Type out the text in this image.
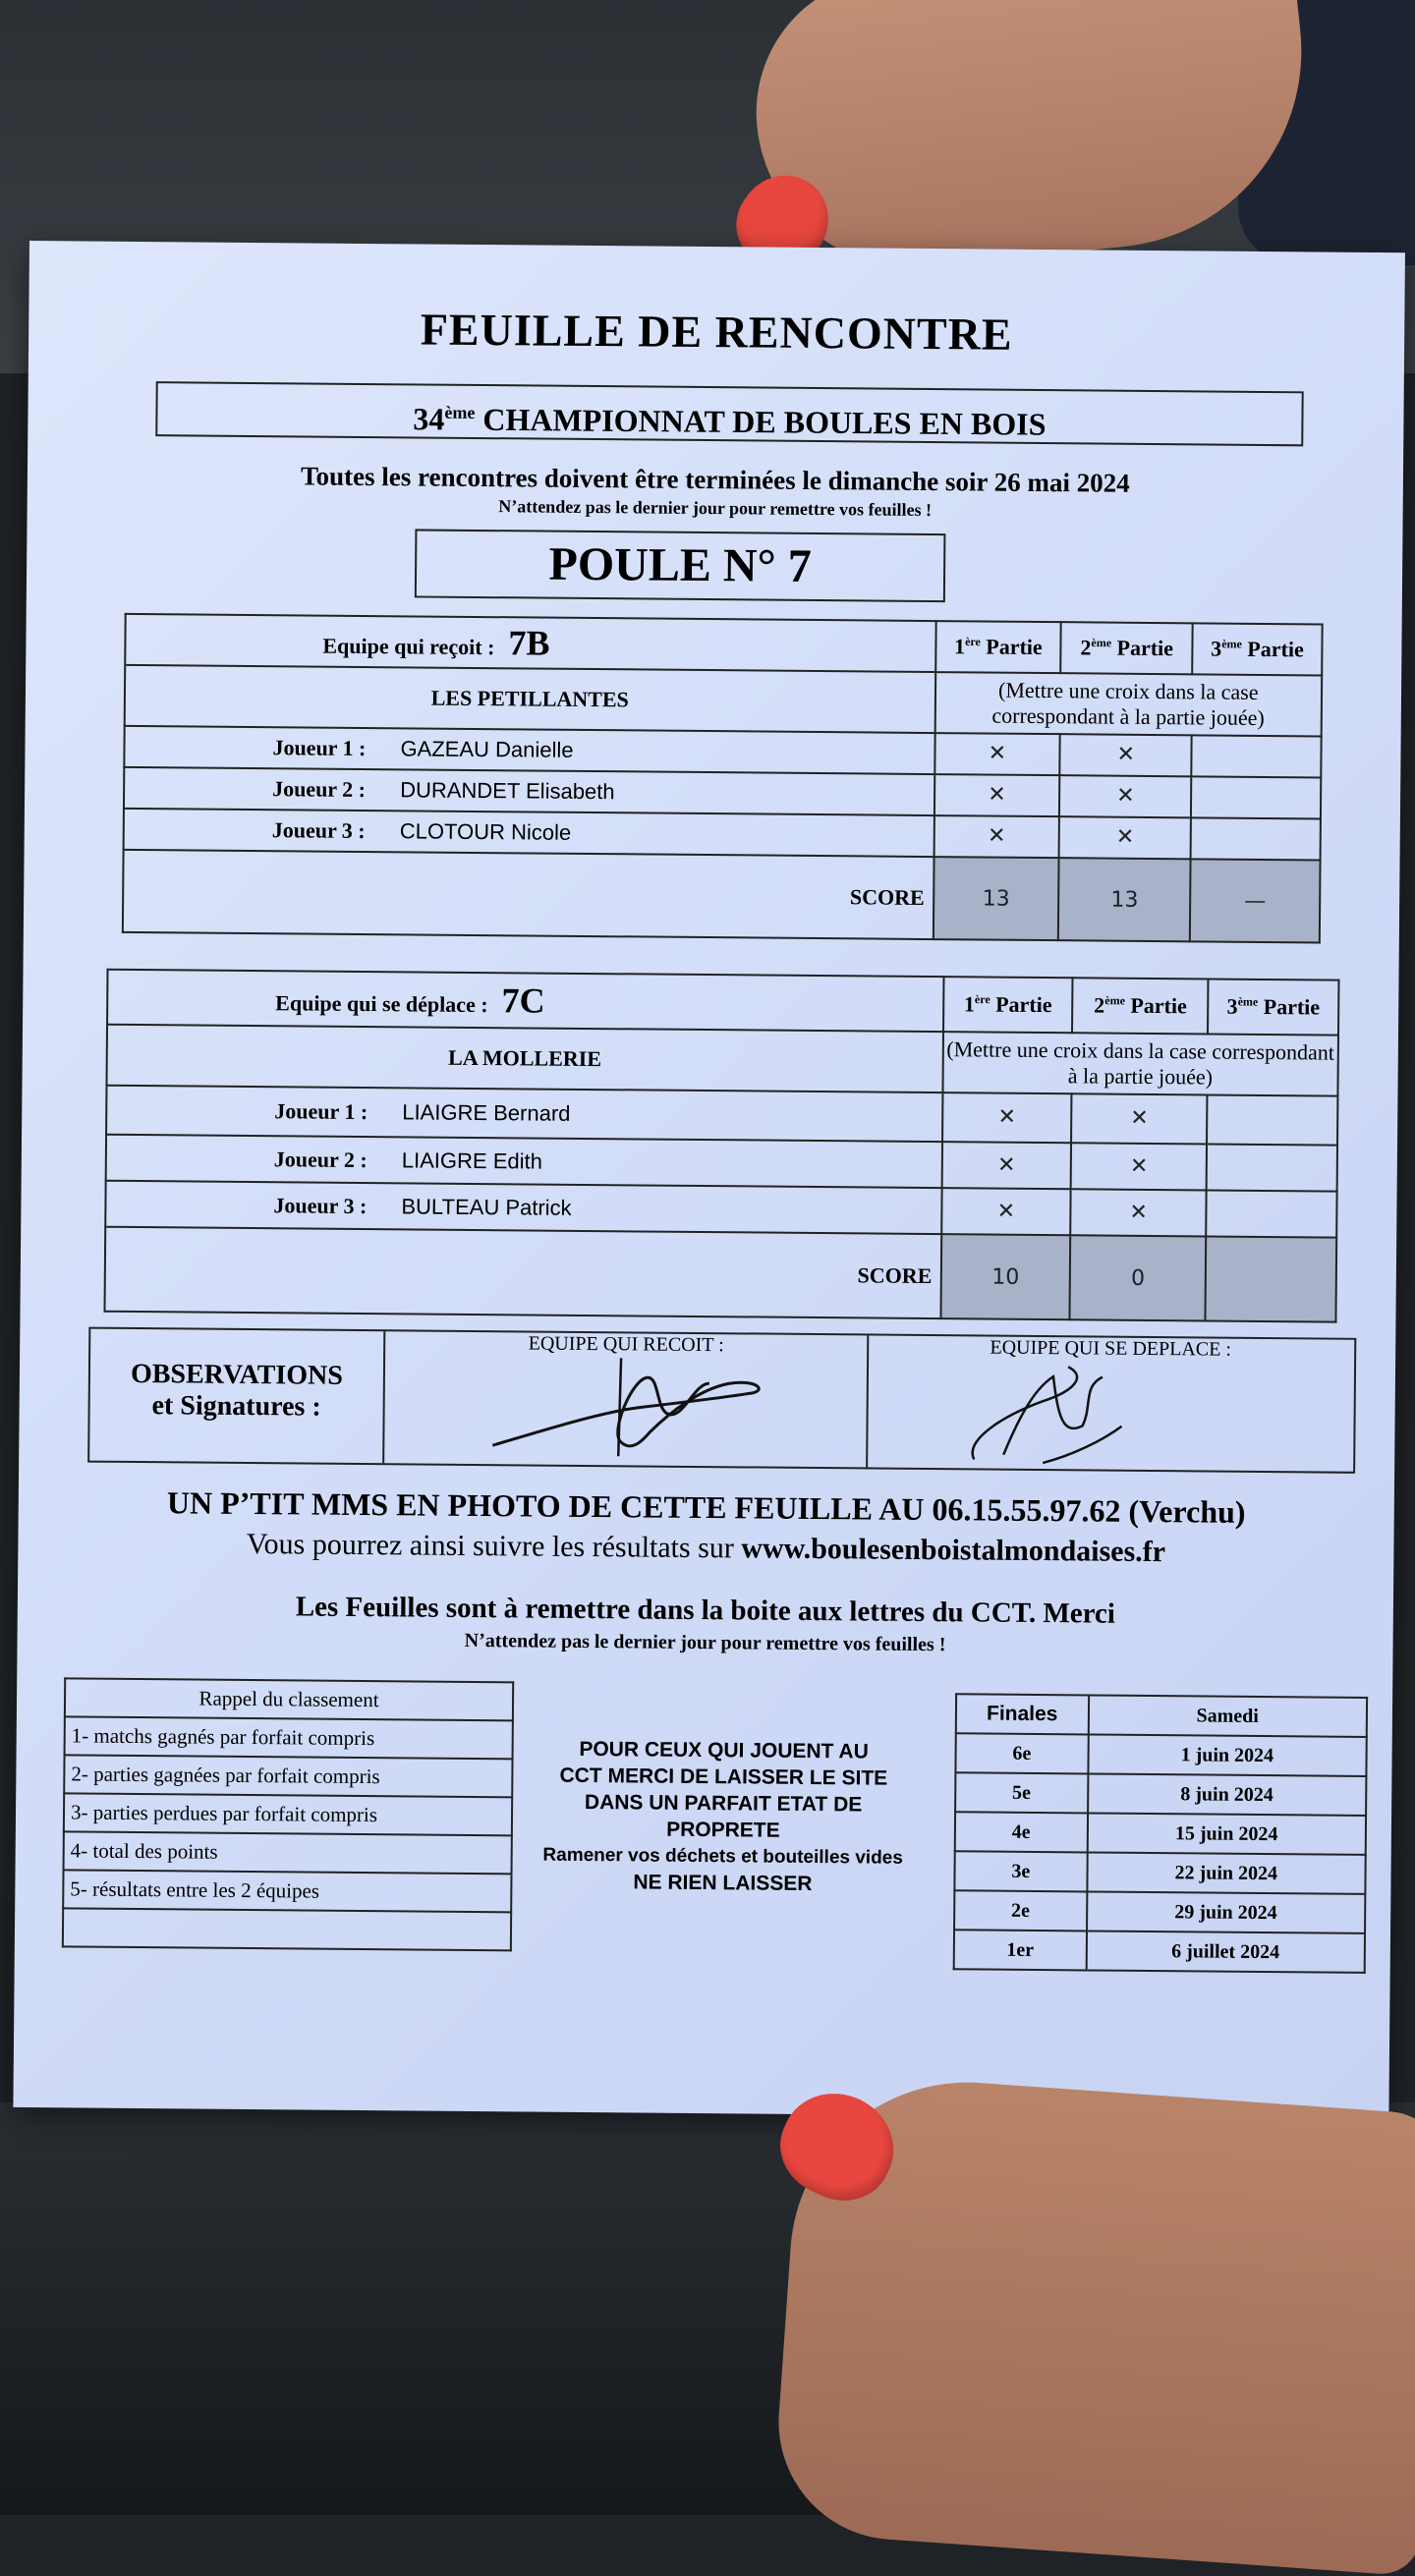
FEUILLE DE RENCONTRE
34ème CHAMPIONNAT DE BOULES EN BOIS
Toutes les rencontres doivent être terminées le dimanche soir 26 mai 2024
N’attendez pas le dernier jour pour remettre vos feuilles !
POULE N° 7
Equipe qui reçoit : 7B	1ère Partie	2ème Partie	3ème Partie
LES PETILLANTES	(Mettre une croix dans la case correspondant à la partie jouée)		
Joueur 1 : GAZEAU Danielle	✕	✕	
Joueur 2 : DURANDET Elisabeth	✕	✕	
Joueur 3 : CLOTOUR Nicole	✕	✕	
SCORE	13	13	—
Equipe qui se déplace : 7C	1ère Partie	2ème Partie	3ème Partie
LA MOLLERIE	(Mettre une croix dans la case correspondant à la partie jouée)		
Joueur 1 : LIAIGRE Bernard	✕	✕	
Joueur 2 : LIAIGRE Edith	✕	✕	
Joueur 3 : BULTEAU Patrick	✕	✕	
SCORE	10	0	
OBSERVATIONS
et Signatures :
EQUIPE QUI RECOIT :	EQUIPE QUI SE DEPLACE :
UN P’TIT MMS EN PHOTO DE CETTE FEUILLE AU 06.15.55.97.62 (Verchu)
Vous pourrez ainsi suivre les résultats sur www.boulesenboistalmondaises.fr
Les Feuilles sont à remettre dans la boite aux lettres du CCT. Merci
N’attendez pas le dernier jour pour remettre vos feuilles !
Rappel du classement
1- matchs gagnés par forfait compris
2- parties gagnées par forfait compris
3- parties perdues par forfait compris
4- total des points
5- résultats entre les 2 équipes

POUR CEUX QUI JOUENT AU
CCT MERCI DE LAISSER LE SITE
DANS UN PARFAIT ETAT DE
PROPRETE
Ramener vos déchets et bouteilles vides
NE RIEN LAISSER
Finales	Samedi
6e	1 juin 2024
5e	8 juin 2024
4e	15 juin 2024
3e	22 juin 2024
2e	29 juin 2024
1er	6 juillet 2024
